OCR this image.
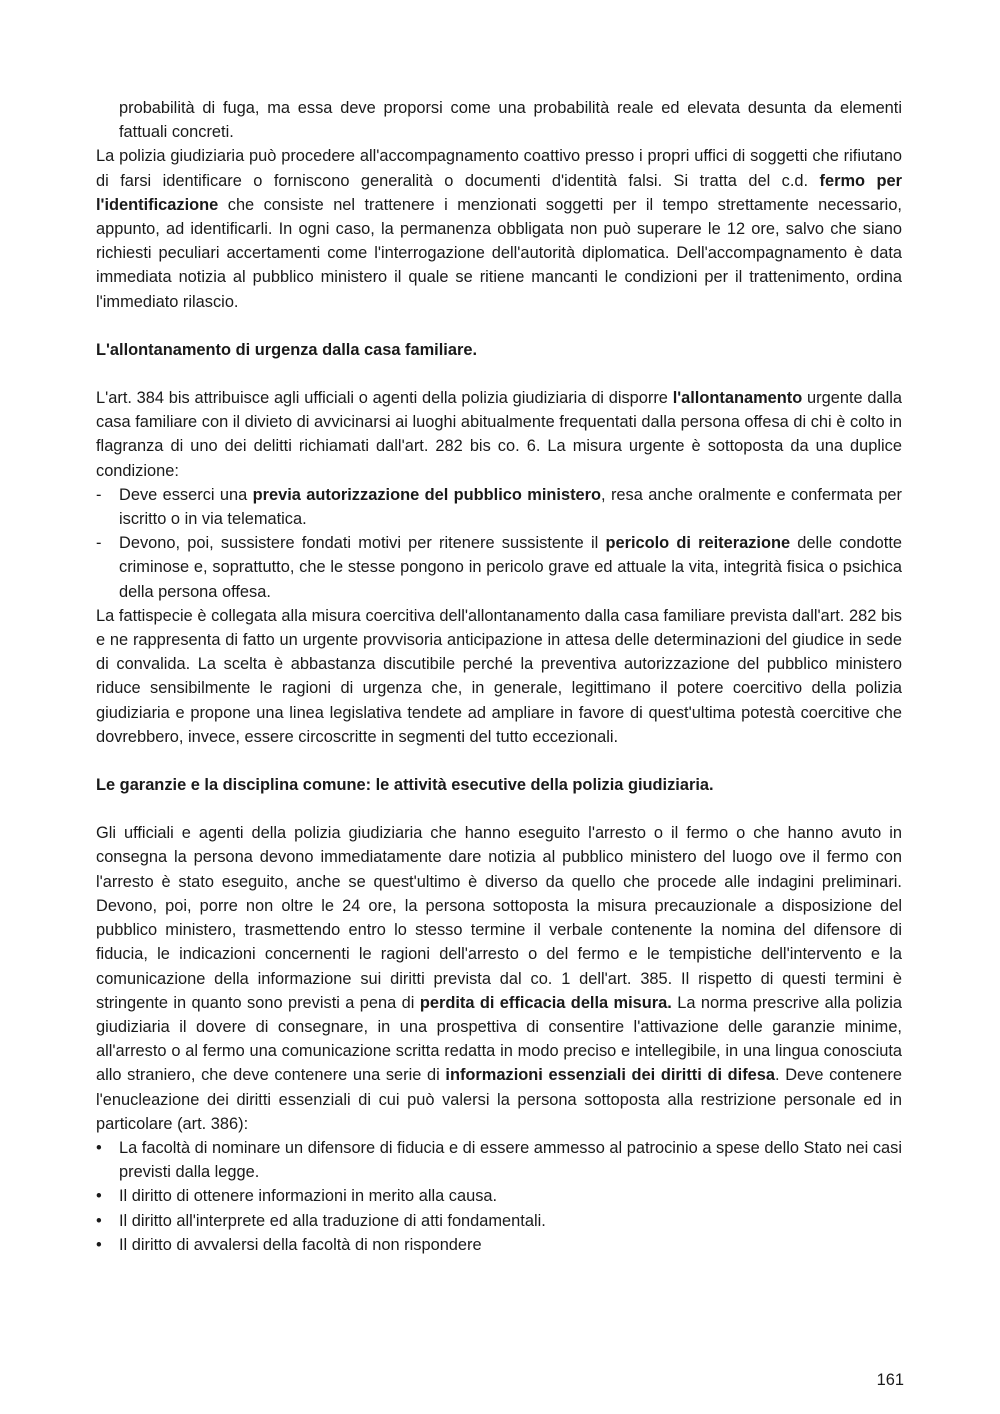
probabilità di fuga, ma essa deve proporsi come una probabilità reale ed elevata desunta da elementi fattuali concreti.

La polizia giudiziaria può procedere all'accompagnamento coattivo presso i propri uffici di soggetti che rifiutano di farsi identificare o forniscono generalità o documenti d'identità falsi. Si tratta del c.d. fermo per l'identificazione che consiste nel trattenere i menzionati soggetti per il tempo strettamente necessario, appunto, ad identificarli. In ogni caso, la permanenza obbligata non può superare le 12 ore, salvo che siano richiesti peculiari accertamenti come l'interrogazione dell'autorità diplomatica. Dell'accompagnamento è data immediata notizia al pubblico ministero il quale se ritiene mancanti le condizioni per il trattenimento, ordina l'immediato rilascio.

L'allontanamento di urgenza dalla casa familiare.

L'art. 384 bis attribuisce agli ufficiali o agenti della polizia giudiziaria di disporre l'allontanamento urgente dalla casa familiare con il divieto di avvicinarsi ai luoghi abitualmente frequentati dalla persona offesa di chi è colto in flagranza di uno dei delitti richiamati dall'art. 282 bis co. 6. La misura urgente è sottoposta da una duplice condizione:

-	Deve esserci una previa autorizzazione del pubblico ministero, resa anche oralmente e confermata per iscritto o in via telematica.
-	Devono, poi, sussistere fondati motivi per ritenere sussistente il pericolo di reiterazione delle condotte criminose e, soprattutto, che le stesse pongono in pericolo grave ed attuale la vita, integrità fisica o psichica della persona offesa.

La fattispecie è collegata alla misura coercitiva dell'allontanamento dalla casa familiare prevista dall'art. 282 bis e ne rappresenta di fatto un urgente provvisoria anticipazione in attesa delle determinazioni del giudice in sede di convalida. La scelta è abbastanza discutibile perché la preventiva autorizzazione del pubblico ministero riduce sensibilmente le ragioni di urgenza che, in generale, legittimano il potere coercitivo della polizia giudiziaria e propone una linea legislativa tendete ad ampliare in favore di quest'ultima potestà coercitive che dovrebbero, invece, essere circoscritte in segmenti del tutto eccezionali.

Le garanzie e la disciplina comune: le attività esecutive della polizia giudiziaria.

Gli ufficiali e agenti della polizia giudiziaria che hanno eseguito l'arresto o il fermo o che hanno avuto in consegna la persona devono immediatamente dare notizia al pubblico ministero del luogo ove il fermo con l'arresto è stato eseguito, anche se quest'ultimo è diverso da quello che procede alle indagini preliminari. Devono, poi, porre non oltre le 24 ore, la persona sottoposta la misura precauzionale a disposizione del pubblico ministero, trasmettendo entro lo stesso termine il verbale contenente la nomina del difensore di fiducia, le indicazioni concernenti le ragioni dell'arresto o del fermo e le tempistiche dell'intervento e la comunicazione della informazione sui diritti prevista dal co. 1 dell'art. 385. Il rispetto di questi termini è stringente in quanto sono previsti a pena di perdita di efficacia della misura. La norma prescrive alla polizia giudiziaria il dovere di consegnare, in una prospettiva di consentire l'attivazione delle garanzie minime, all'arresto o al fermo una comunicazione scritta redatta in modo preciso e intellegibile, in una lingua conosciuta allo straniero, che deve contenere una serie di informazioni essenziali dei diritti di difesa. Deve contenere l'enucleazione dei diritti essenziali di cui può valersi la persona sottoposta alla restrizione personale ed in particolare (art. 386):

•	La facoltà di nominare un difensore di fiducia e di essere ammesso al patrocinio a spese dello Stato nei casi previsti dalla legge.
•	Il diritto di ottenere informazioni in merito alla causa.
•	Il diritto all'interprete ed alla traduzione di atti fondamentali.
•	Il diritto di avvalersi della facoltà di non rispondere
161
